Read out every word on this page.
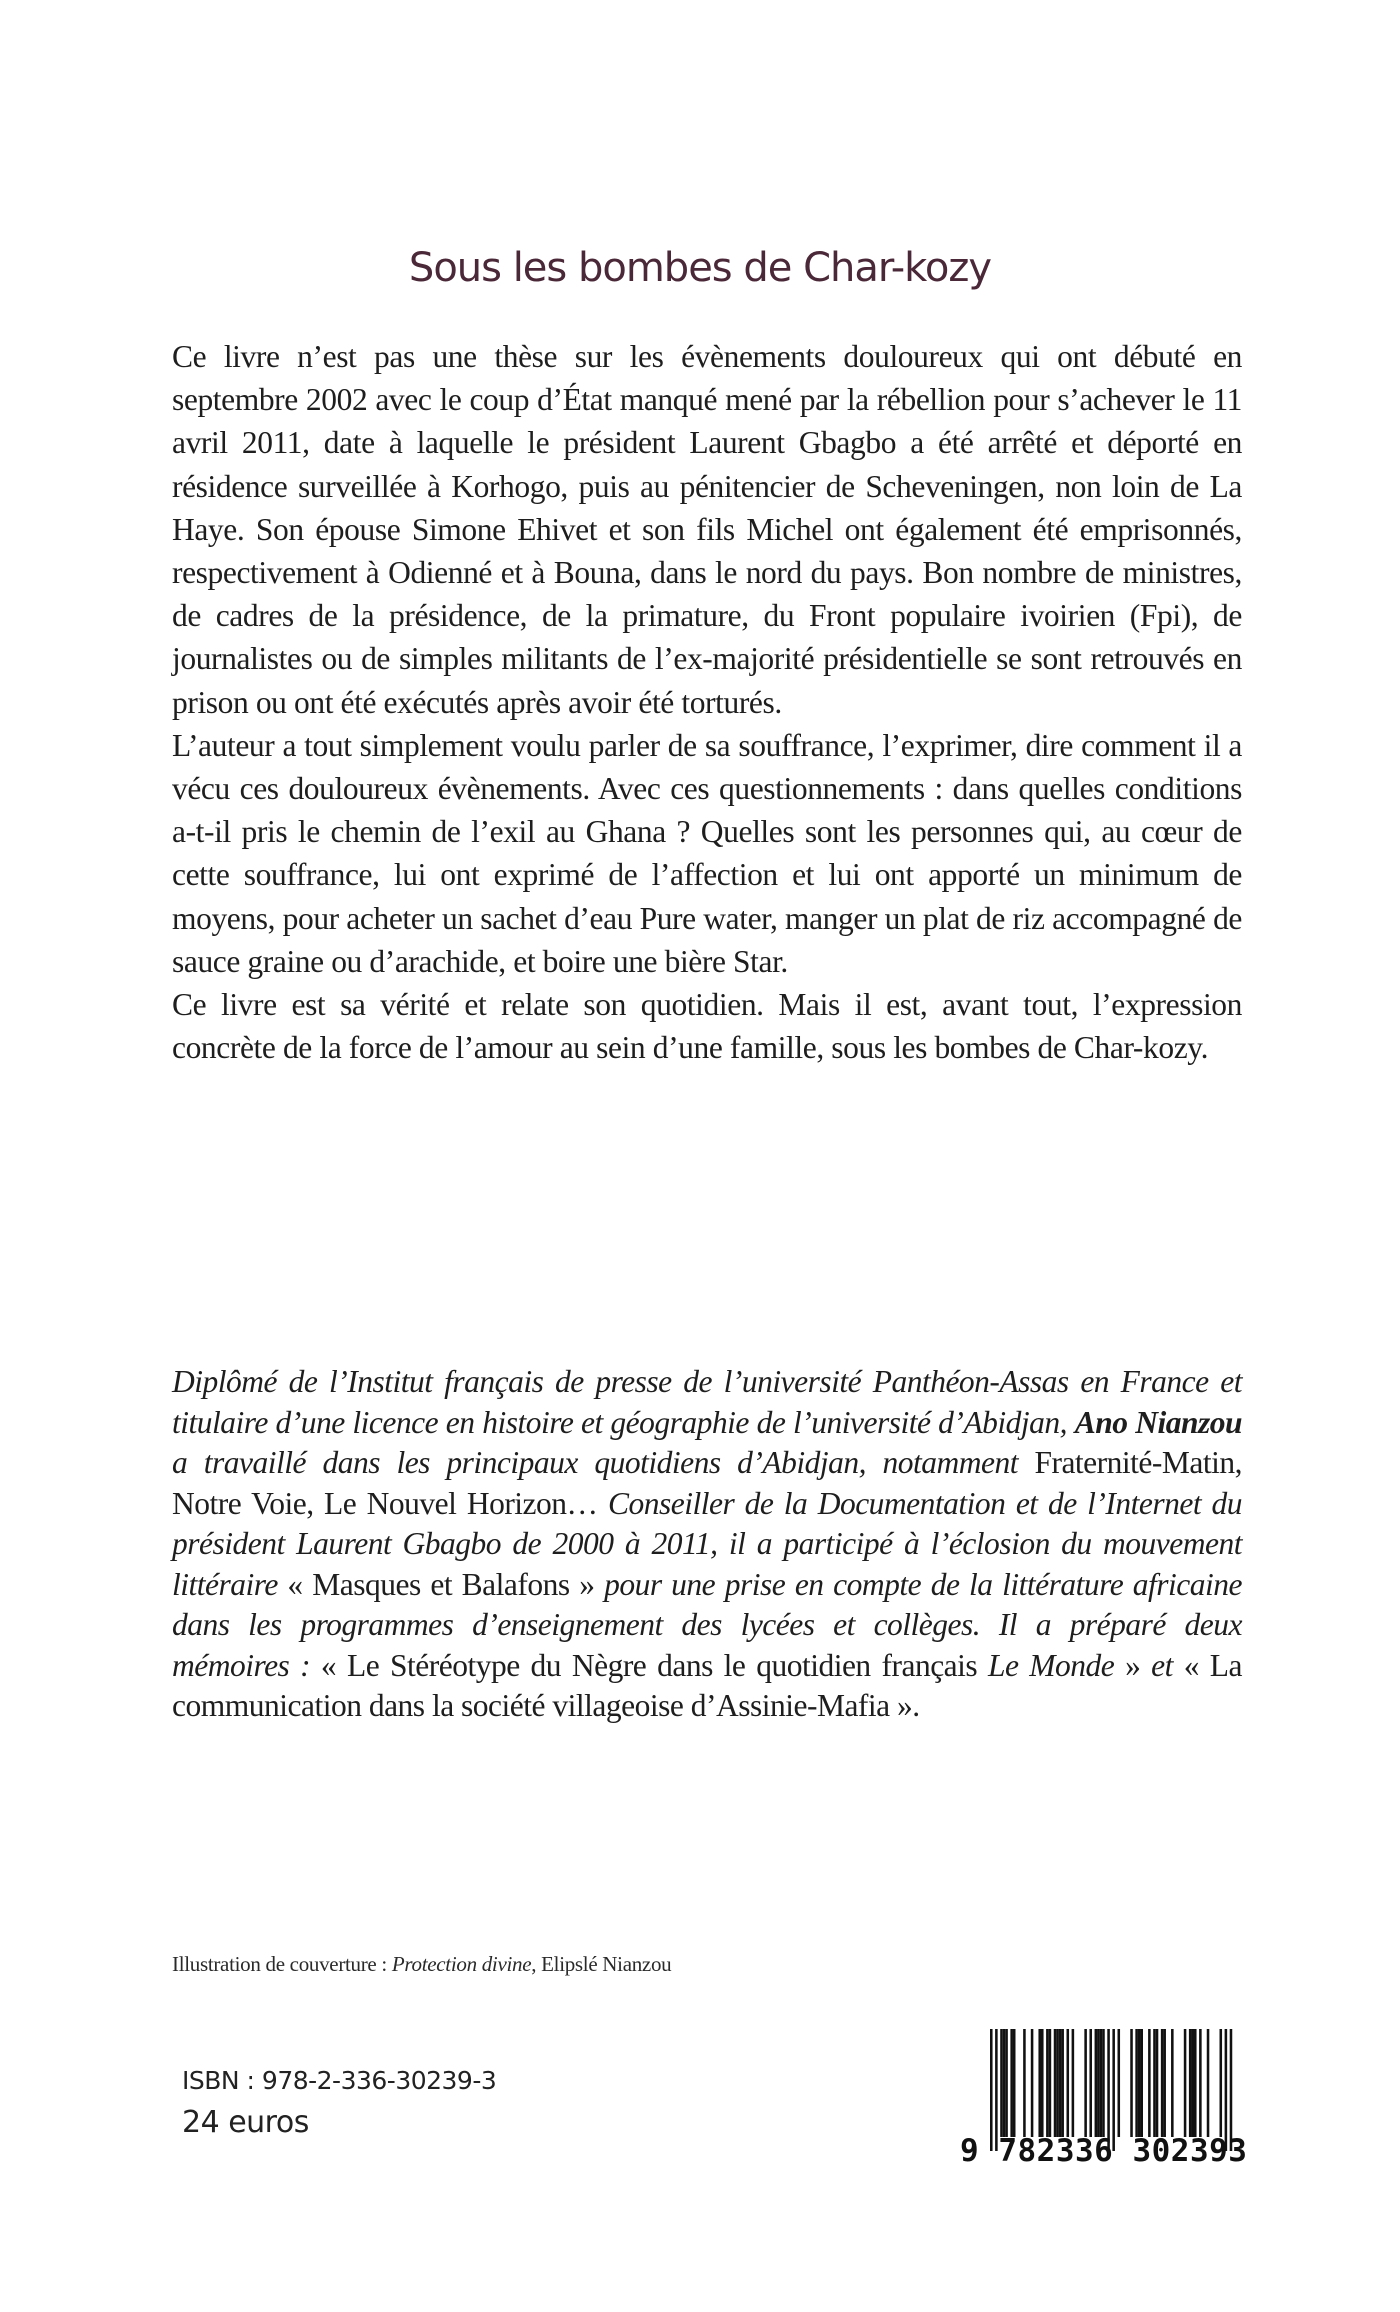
Sous les bombes de Char-kozy

Ce livre n’est pas une thèse sur les évènements douloureux qui ont débuté en septembre 2002 avec le coup d’État manqué mené par la rébellion pour s’achever le 11 avril 2011, date à laquelle le président Laurent Gbagbo a été arrêté et déporté en résidence surveillée à Korhogo, puis au pénitencier de Scheveningen, non loin de La Haye. Son épouse Simone Ehivet et son fils Michel ont également été emprisonnés, respectivement à Odienné et à Bouna, dans le nord du pays. Bon nombre de ministres, de cadres de la présidence, de la primature, du Front populaire ivoirien (Fpi), de journalistes ou de simples militants de l’ex-majorité présidentielle se sont retrouvés en prison ou ont été exécutés après avoir été torturés.

L’auteur a tout simplement voulu parler de sa souffrance, l’exprimer, dire comment il a vécu ces douloureux évènements. Avec ces questionnements : dans quelles conditions a-t-il pris le chemin de l’exil au Ghana ? Quelles sont les personnes qui, au cœur de cette souffrance, lui ont exprimé de l’affection et lui ont apporté un minimum de moyens, pour acheter un sachet d’eau Pure water, manger un plat de riz accompagné de sauce graine ou d’arachide, et boire une bière Star.

Ce livre est sa vérité et relate son quotidien. Mais il est, avant tout, l’expression concrète de la force de l’amour au sein d’une famille, sous les bombes de Char-kozy.

Diplômé de l’Institut français de presse de l’université Panthéon-Assas en France et titulaire d’une licence en histoire et géographie de l’université d’Abidjan, Ano Nianzou a travaillé dans les principaux quotidiens d’Abidjan, notamment Fraternité-Matin, Notre Voie, Le Nouvel Horizon… Conseiller de la Documentation et de l’Internet du président Laurent Gbagbo de 2000 à 2011, il a participé à l’éclosion du mouvement littéraire « Masques et Balafons » pour une prise en compte de la littérature africaine dans les programmes d’enseignement des lycées et collèges. Il a préparé deux mémoires : « Le Stéréotype du Nègre dans le quotidien français Le Monde » et « La communication dans la société villageoise d’Assinie-Mafia ».

Illustration de couverture : Protection divine, Elipslé Nianzou
ISBN : 978-2-336-30239-3
24 euros
9 782336 302393
